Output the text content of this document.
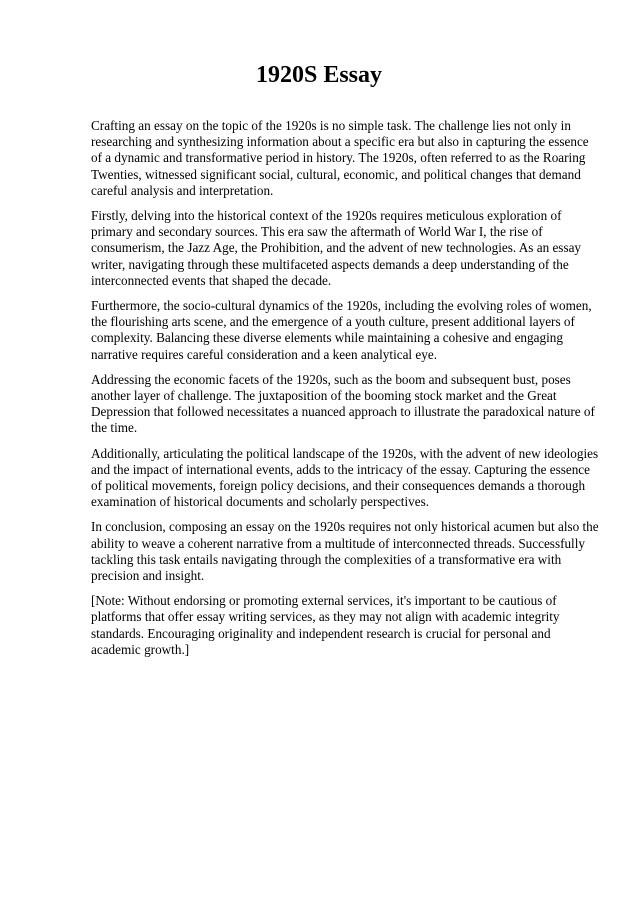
1920S Essay

Crafting an essay on the topic of the 1920s is no simple task. The challenge lies not only in researching and synthesizing information about a specific era but also in capturing the essence of a dynamic and transformative period in history. The 1920s, often referred to as the Roaring Twenties, witnessed significant social, cultural, economic, and political changes that demand careful analysis and interpretation.

Firstly, delving into the historical context of the 1920s requires meticulous exploration of primary and secondary sources. This era saw the aftermath of World War I, the rise of consumerism, the Jazz Age, the Prohibition, and the advent of new technologies. As an essay writer, navigating through these multifaceted aspects demands a deep understanding of the interconnected events that shaped the decade.

Furthermore, the socio-cultural dynamics of the 1920s, including the evolving roles of women, the flourishing arts scene, and the emergence of a youth culture, present additional layers of complexity. Balancing these diverse elements while maintaining a cohesive and engaging narrative requires careful consideration and a keen analytical eye.

Addressing the economic facets of the 1920s, such as the boom and subsequent bust, poses another layer of challenge. The juxtaposition of the booming stock market and the Great Depression that followed necessitates a nuanced approach to illustrate the paradoxical nature of the time.

Additionally, articulating the political landscape of the 1920s, with the advent of new ideologies and the impact of international events, adds to the intricacy of the essay. Capturing the essence of political movements, foreign policy decisions, and their consequences demands a thorough examination of historical documents and scholarly perspectives.

In conclusion, composing an essay on the 1920s requires not only historical acumen but also the ability to weave a coherent narrative from a multitude of interconnected threads. Successfully tackling this task entails navigating through the complexities of a transformative era with precision and insight.

[Note: Without endorsing or promoting external services, it's important to be cautious of platforms that offer essay writing services, as they may not align with academic integrity standards. Encouraging originality and independent research is crucial for personal and academic growth.]
